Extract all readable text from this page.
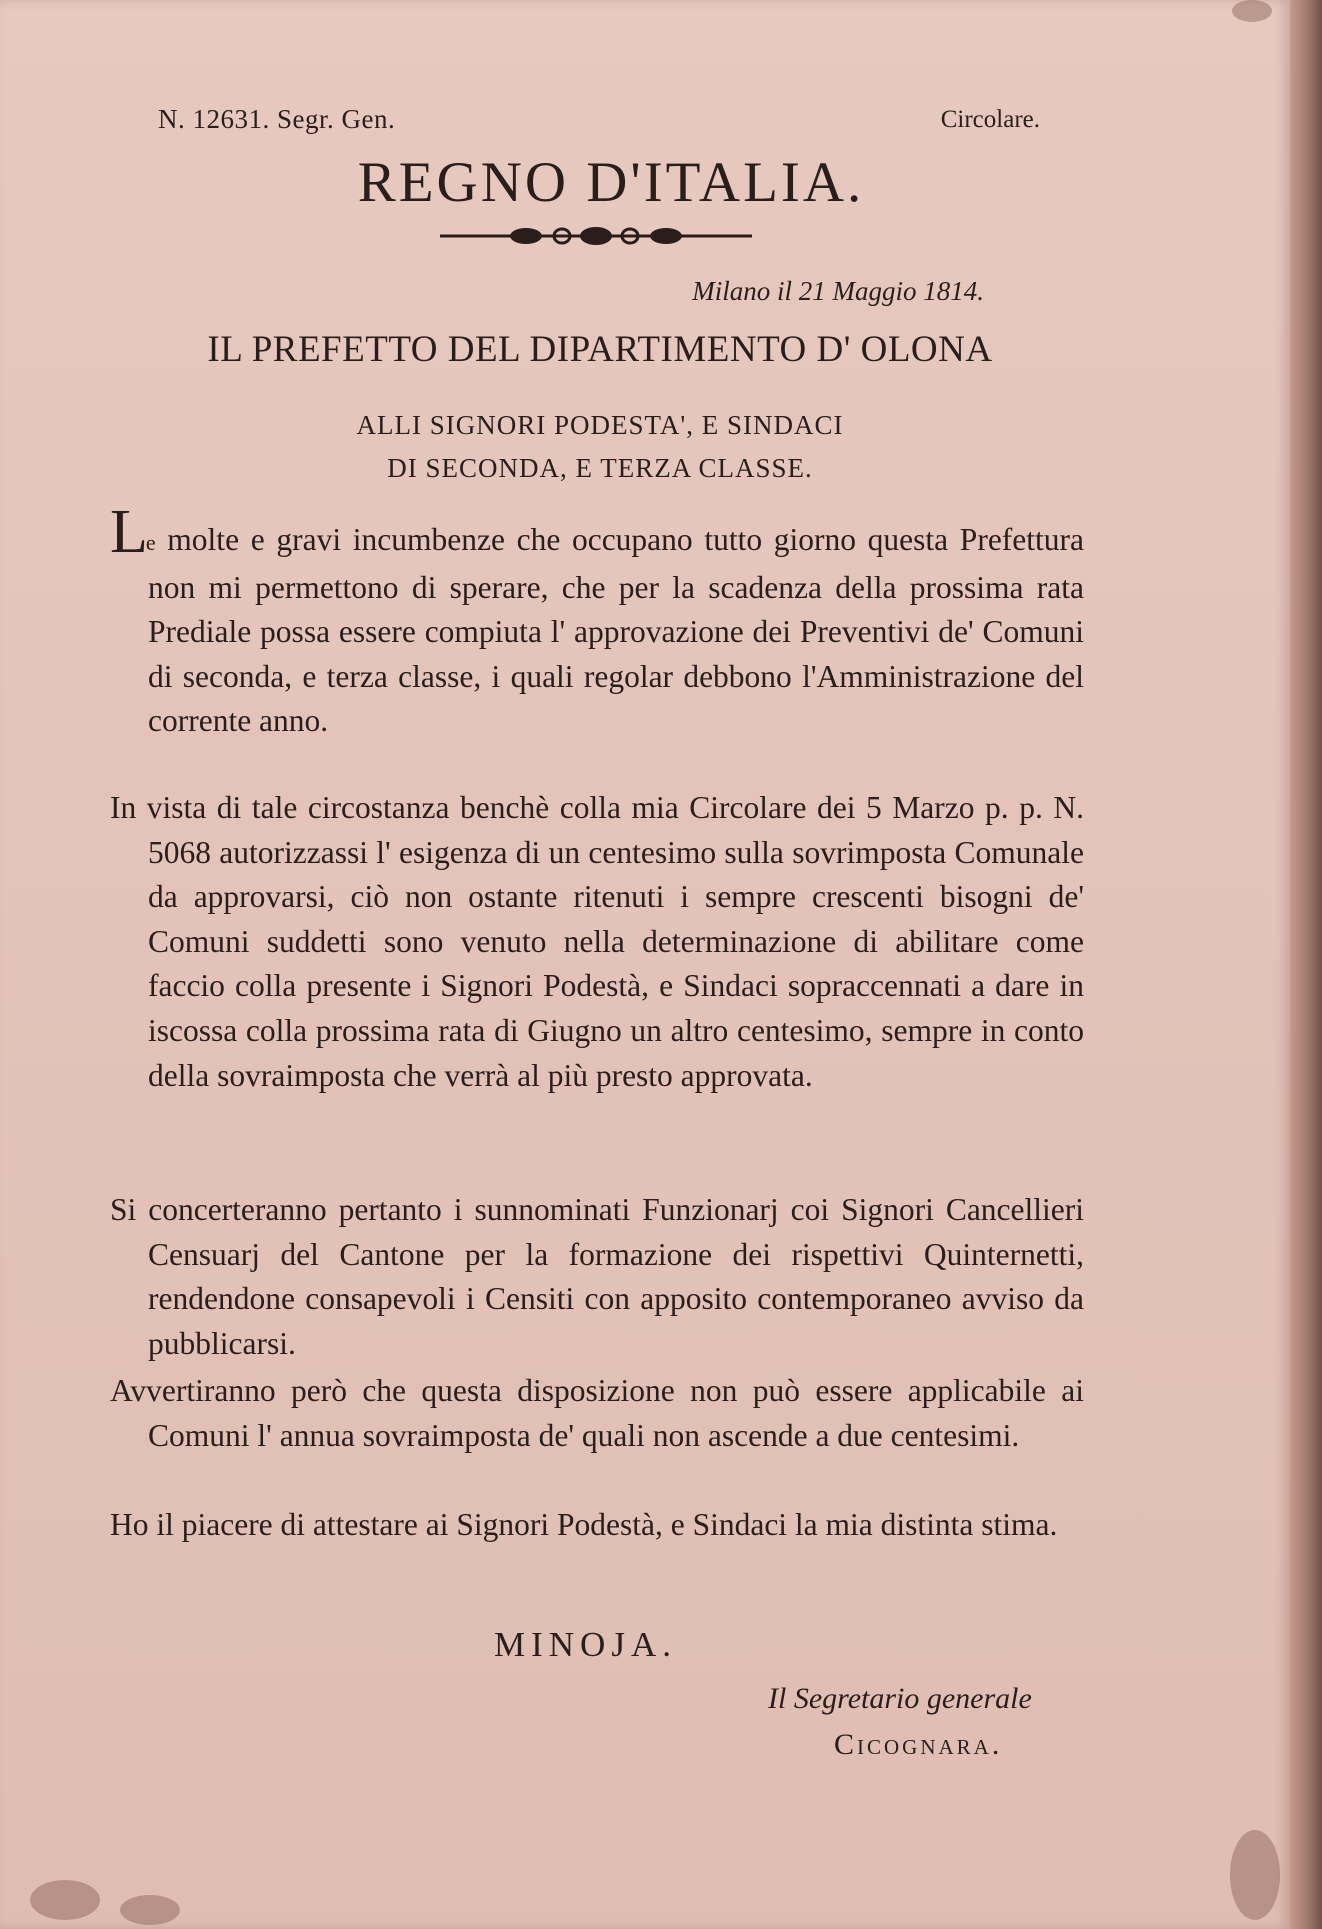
N. 12631. Segr. Gen.	Circolare.
REGNO D'ITALIA.
Milano il 21 Maggio 1814.
IL PREFETTO DEL DIPARTIMENTO D' OLONA
ALLI SIGNORI PODESTA', E SINDACI
DI SECONDA, E TERZA CLASSE.
Le molte e gravi incumbenze che occupano tutto giorno questa Prefettura non mi permettono di sperare, che per la scadenza della prossima rata Prediale possa essere compiuta l' approvazione dei Preventivi de' Comuni di seconda, e terza classe, i quali regolar debbono l'Amministrazione del corrente anno.
In vista di tale circostanza benchè colla mia Circolare dei 5 Marzo p. p. N. 5068 autorizzassi l' esigenza di un centesimo sulla sovrimposta Comunale da approvarsi, ciò non ostante ritenuti i sempre crescenti bisogni de' Comuni suddetti sono venuto nella determinazione di abilitare come faccio colla presente i Signori Podestà, e Sindaci sopraccennati a dare in iscossa colla prossima rata di Giugno un altro centesimo, sempre in conto della sovraimposta che verrà al più presto approvata.
Si concerteranno pertanto i sunnominati Funzionarj coi Signori Cancellieri Censuarj del Cantone per la formazione dei rispettivi Quinternetti, rendendone consapevoli i Censiti con apposito contemporaneo avviso da pubblicarsi.
Avvertiranno però che questa disposizione non può essere applicabile ai Comuni l' annua sovraimposta de' quali non ascende a due centesimi.
Ho il piacere di attestare ai Signori Podestà, e Sindaci la mia distinta stima.
MINOJA.
Il Segretario generale
Cicognara.
